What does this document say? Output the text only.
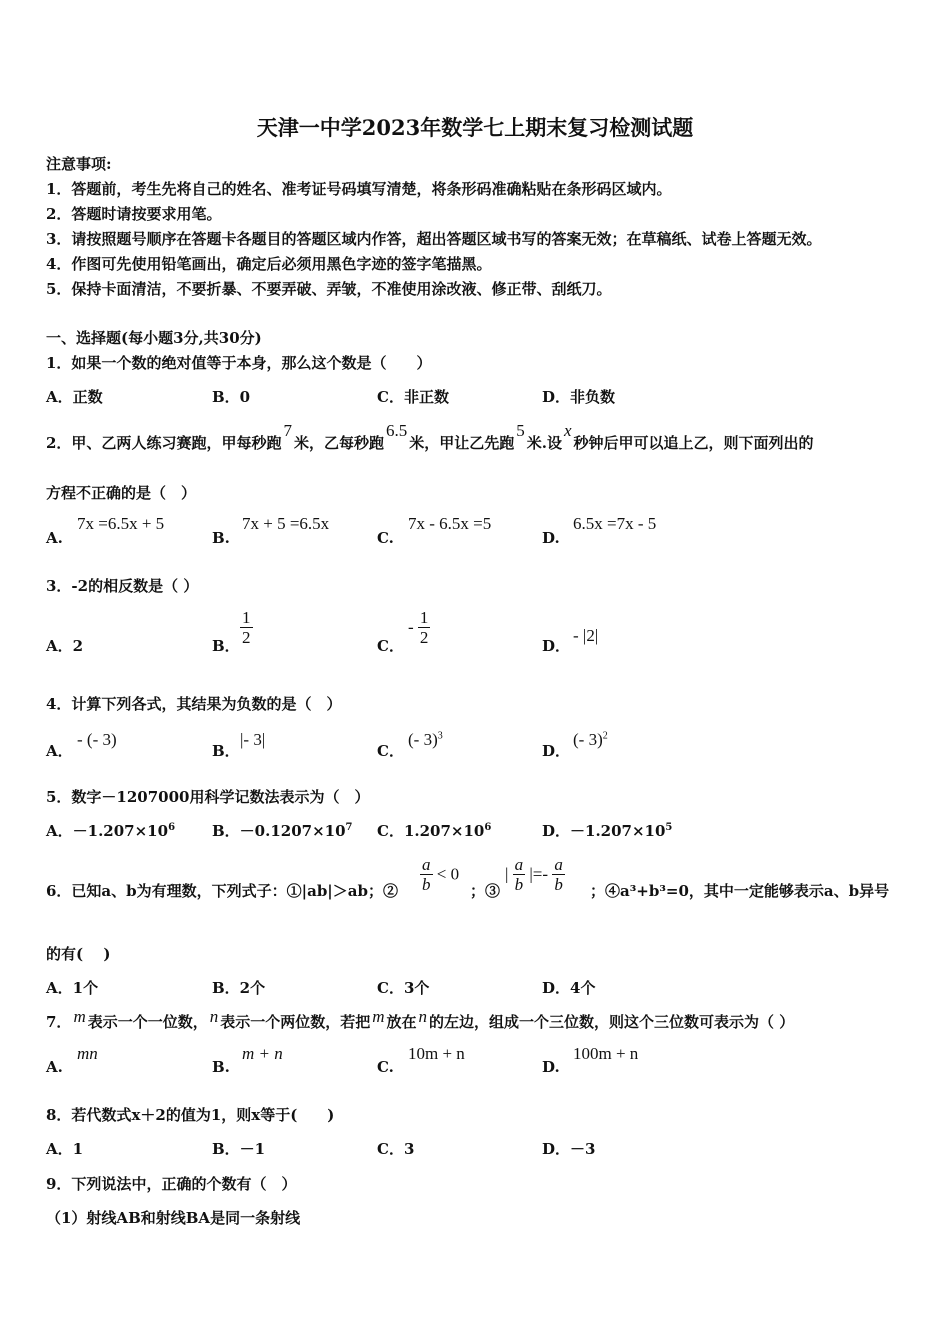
天津一中学2023年数学七上期末复习检测试题
注意事项:
1．答题前，考生先将自己的姓名、准考证号码填写清楚，将条形码准确粘贴在条形码区域内。
2．答题时请按要求用笔。
3．请按照题号顺序在答题卡各题目的答题区域内作答，超出答题区域书写的答案无效；在草稿纸、试卷上答题无效。
4．作图可先使用铅笔画出，确定后必须用黑色字迹的签字笔描黑。
5．保持卡面清洁，不要折暴、不要弄破、弄皱，不准使用涂改液、修正带、刮纸刀。
一、选择题(每小题3分,共30分)
1．如果一个数的绝对值等于本身，那么这个数是（　　）
A．正数	B．0	C．非正数	D．非负数
2．甲、乙两人练习赛跑，甲每秒跑7米，乙每秒跑6.5米，甲让乙先跑5米.设x秒钟后甲可以追上乙，则下面列出的
方程不正确的是（　）
A.
7x =6.5x + 5
B.
7x + 5 =6.5x
C.
7x - 6.5x =5
D.
6.5x =7x - 5
3．-2的相反数是（ ）
A．2	B． $\frac{1}{2}$	C．
- $\frac{1}{2}$	D．
- |2|
4．计算下列各式，其结果为负数的是（　）
A．
- (- 3)
B．
|- 3|
C．
(- 3)$^3$
D．
(- 3)$^2$
5．数字－1207000用科学记数法表示为（　）
A．$-1.207\times 10^6$ B．$-0.1207\times 10^7$ C．$1.207\times 10^6$	D．$-1.207\times 10^5$
6．已知a、b为有理数，下列式子：①|ab|＞ab；② $\frac{a}{b} < 0$
；③
| $\frac{a}{b}$ |=- $\frac{a}{b}$ ；④a³+b³=0，其中一定能够表示a、b异号
的有(　 )
A．1个	B．2个	C．3个	D．4个
7． m 表示一个一位数， n 表示一个两位数，若把 m 放在 n 的左边，组成一个三位数，则这个三位数可表示为（ ）
A.
mn
B.
m + n
C.
10m + n
D.
100m + n
8．若代数式x＋2的值为1，则x等于(　　)
A．1	B．－1	C．3	D．－3
9．下列说法中，正确的个数有（　）
（1）射线AB和射线BA是同一条射线
